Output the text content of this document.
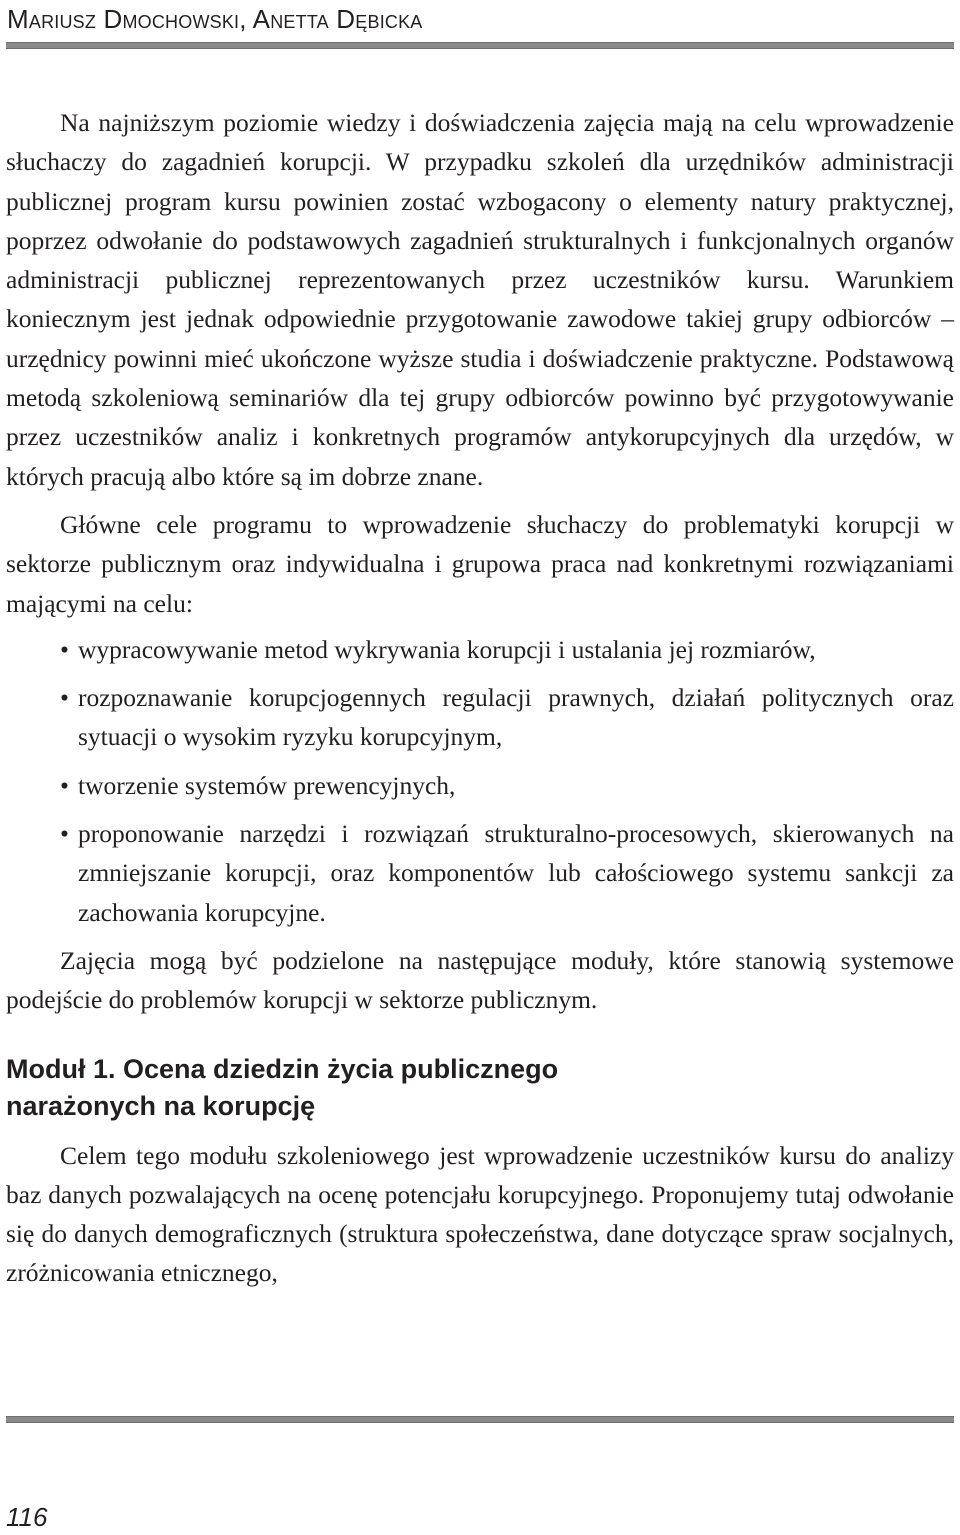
Mariusz Dmochowski, Anetta Dębicka

Na najniższym poziomie wiedzy i doświadczenia zajęcia mają na celu wprowadzenie słuchaczy do zagadnień korupcji. W przypadku szkoleń dla urzędników administracji publicznej program kursu powinien zostać wzbogacony o elementy natury praktycznej, poprzez odwołanie do podstawowych zagadnień strukturalnych i funkcjonalnych organów administracji publicznej reprezentowanych przez uczestników kursu. Warunkiem koniecznym jest jednak odpowiednie przygotowanie zawodowe takiej grupy odbiorców – urzędnicy powinni mieć ukończone wyższe studia i doświadczenie praktyczne. Podstawową metodą szkoleniową seminariów dla tej grupy odbiorców powinno być przygotowywanie przez uczestników analiz i konkretnych programów antykorupcyjnych dla urzędów, w których pracują albo które są im dobrze znane.

Główne cele programu to wprowadzenie słuchaczy do problematyki korupcji w sektorze publicznym oraz indywidualna i grupowa praca nad konkretnymi rozwiązaniami mającymi na celu:

• wypracowywanie metod wykrywania korupcji i ustalania jej rozmiarów,
• rozpoznawanie korupcjogennych regulacji prawnych, działań politycznych oraz sytuacji o wysokim ryzyku korupcyjnym,
• tworzenie systemów prewencyjnych,
• proponowanie narzędzi i rozwiązań strukturalno-procesowych, skierowanych na zmniejszanie korupcji, oraz komponentów lub całościowego systemu sankcji za zachowania korupcyjne.

Zajęcia mogą być podzielone na następujące moduły, które stanowią systemowe podejście do problemów korupcji w sektorze publicznym.

Moduł 1. Ocena dziedzin życia publicznego
narażonych na korupcję

Celem tego modułu szkoleniowego jest wprowadzenie uczestników kursu do analizy baz danych pozwalających na ocenę potencjału korupcyjnego. Proponujemy tutaj odwołanie się do danych demograficznych (struktura społeczeństwa, dane dotyczące spraw socjalnych, zróżnicowania etnicznego,

116
